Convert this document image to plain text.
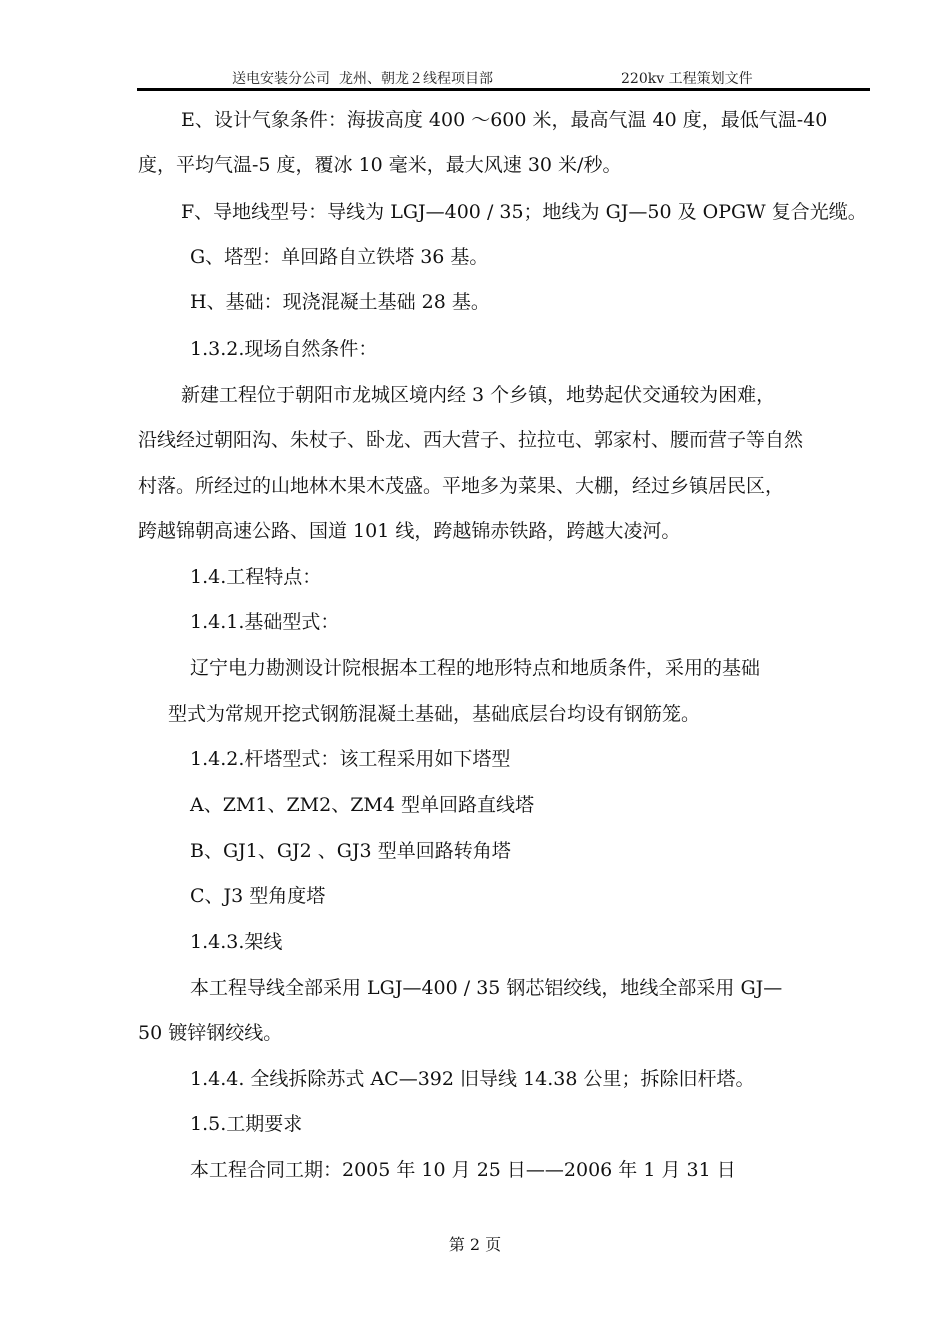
送电安装分公司 龙州、朝龙２线程项目部	220kv 工程策划文件
E、设计气象条件：海拔高度 400 ～600 米，最高气温 40 度，最低气温-40
度，平均气温-5 度，覆冰 10 毫米，最大风速 30 米/秒。
F、导地线型号：导线为 LGJ—400 / 35；地线为 GJ—50 及 OPGW 复合光缆。
G、塔型：单回路自立铁塔 36 基。
H、基础：现浇混凝土基础 28 基。
1.3.2.现场自然条件：
新建工程位于朝阳市龙城区境内经 3 个乡镇，地势起伏交通较为困难，
沿线经过朝阳沟、朱杖子、卧龙、西大营子、拉拉屯、郭家村、腰而营子等自然
村落。所经过的山地林木果木茂盛。平地多为菜果、大棚，经过乡镇居民区，
跨越锦朝高速公路、国道 101 线，跨越锦赤铁路，跨越大凌河。
1.4.工程特点：
1.4.1.基础型式：
辽宁电力勘测设计院根据本工程的地形特点和地质条件，采用的基础
型式为常规开挖式钢筋混凝土基础，基础底层台均设有钢筋笼。
1.4.2.杆塔型式：该工程采用如下塔型
A、ZM1、ZM2、ZM4 型单回路直线塔
B、GJ1、GJ2 、GJ3 型单回路转角塔
C、J3 型角度塔
1.4.3.架线
本工程导线全部采用 LGJ—400 / 35 钢芯铝绞线，地线全部采用 GJ—
50 镀锌钢绞线。
1.4.4. 全线拆除苏式 AC—392 旧导线 14.38 公里；拆除旧杆塔。
1.5.工期要求
本工程合同工期：2005 年 10 月 25 日——2006 年 1 月 31 日
第 2 页
